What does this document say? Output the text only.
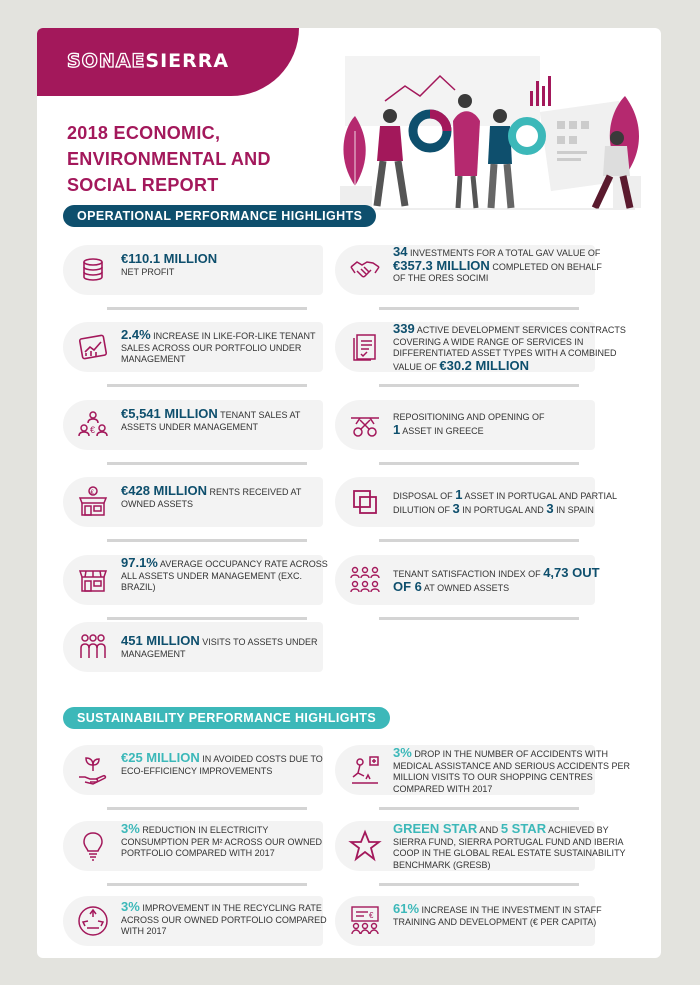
SONAESIERRA
2018 ECONOMIC, ENVIRONMENTAL AND SOCIAL REPORT
OPERATIONAL PERFORMANCE HIGHLIGHTS
€110.1 MILLION
NET PROFIT
2.4% INCREASE IN LIKE-FOR-LIKE TENANT SALES ACROSS OUR PORTFOLIO UNDER MANAGEMENT
€
€5,541 MILLION TENANT SALES AT ASSETS UNDER MANAGEMENT
€ €428 MILLION RENTS RECEIVED AT OWNED ASSETS
97.1% AVERAGE OCCUPANCY RATE ACROSS ALL ASSETS UNDER MANAGEMENT (EXC. BRAZIL)
451 MILLION VISITS TO ASSETS UNDER MANAGEMENT
34 INVESTMENTS FOR A TOTAL GAV VALUE OF €357.3 MILLION COMPLETED ON BEHALF OF THE ORES SOCIMI
339 ACTIVE DEVELOPMENT SERVICES CONTRACTS COVERING A WIDE RANGE OF SERVICES IN DIFFERENTIATED ASSET TYPES WITH A COMBINED VALUE OF €30.2 MILLION
REPOSITIONING AND OPENING OF
1 ASSET IN GREECE
DISPOSAL OF 1 ASSET IN PORTUGAL AND PARTIAL DILUTION OF 3 IN PORTUGAL AND 3 IN SPAIN
TENANT SATISFACTION INDEX OF 4,73 OUT OF 6 AT OWNED ASSETS
SUSTAINABILITY PERFORMANCE HIGHLIGHTS
€25 MILLION IN AVOIDED COSTS DUE TO ECO-EFFICIENCY IMPROVEMENTS
3% REDUCTION IN ELECTRICITY CONSUMPTION PER M² ACROSS OUR OWNED PORTFOLIO COMPARED WITH 2017
3% IMPROVEMENT IN THE RECYCLING RATE ACROSS OUR OWNED PORTFOLIO COMPARED WITH 2017
3% DROP IN THE NUMBER OF ACCIDENTS WITH MEDICAL ASSISTANCE AND SERIOUS ACCIDENTS PER MILLION VISITS TO OUR SHOPPING CENTRES COMPARED WITH 2017
GREEN STAR AND 5 STAR ACHIEVED BY SIERRA FUND, SIERRA PORTUGAL FUND AND IBERIA COOP IN THE GLOBAL REAL ESTATE SUSTAINABILITY BENCHMARK (GRESB)
€ 61% INCREASE IN THE INVESTMENT IN STAFF TRAINING AND DEVELOPMENT (€ PER CAPITA)
